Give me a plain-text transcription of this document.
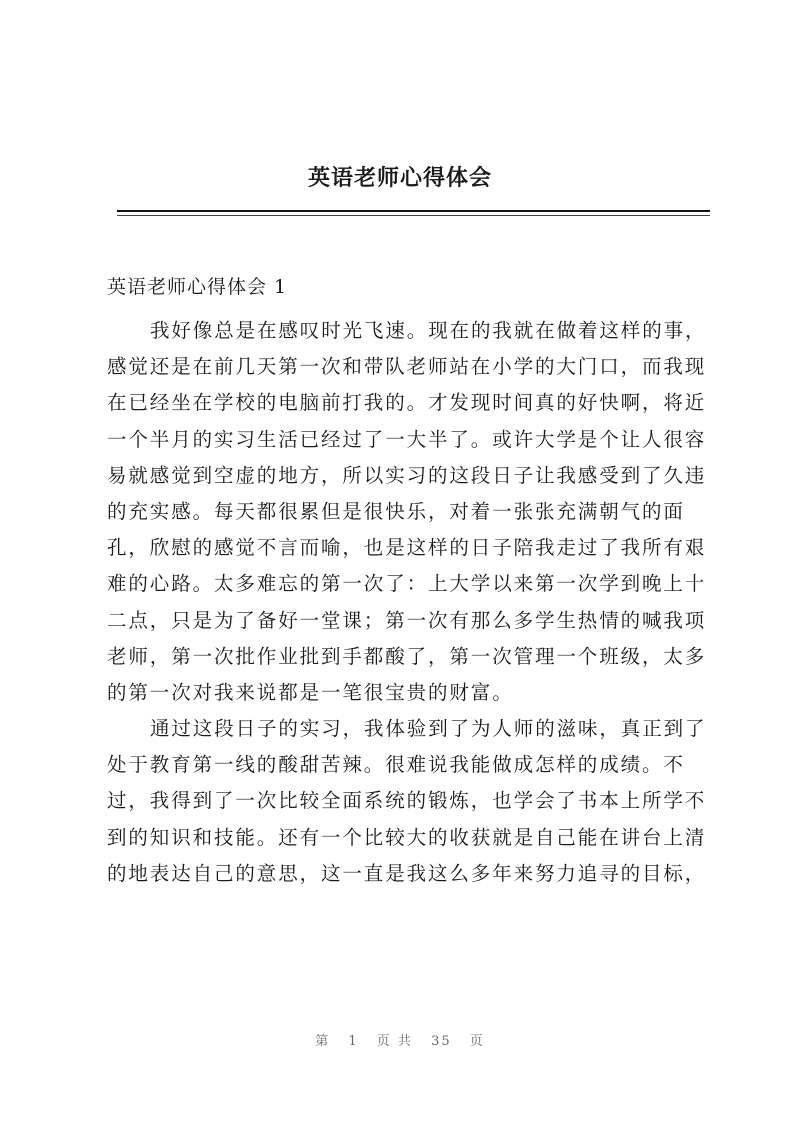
英语老师心得体会
英语老师心得体会 1
我好像总是在感叹时光飞速。现在的我就在做着这样的事，
感觉还是在前几天第一次和带队老师站在小学的大门口，而我现
在已经坐在学校的电脑前打我的。才发现时间真的好快啊，将近
一个半月的实习生活已经过了一大半了。或许大学是个让人很容
易就感觉到空虚的地方，所以实习的这段日子让我感受到了久违
的充实感。每天都很累但是很快乐，对着一张张充满朝气的面
孔，欣慰的感觉不言而喻，也是这样的日子陪我走过了我所有艰
难的心路。太多难忘的第一次了：上大学以来第一次学到晚上十
二点，只是为了备好一堂课；第一次有那么多学生热情的喊我项
老师，第一次批作业批到手都酸了，第一次管理一个班级，太多
的第一次对我来说都是一笔很宝贵的财富。
通过这段日子的实习，我体验到了为人师的滋味，真正到了
处于教育第一线的酸甜苦辣。很难说我能做成怎样的成绩。不
过，我得到了一次比较全面系统的锻炼，也学会了书本上所学不
到的知识和技能。还有一个比较大的收获就是自己能在讲台上清
的地表达自己的意思，这一直是我这么多年来努力追寻的目标，
第 1 页 共 35 页
